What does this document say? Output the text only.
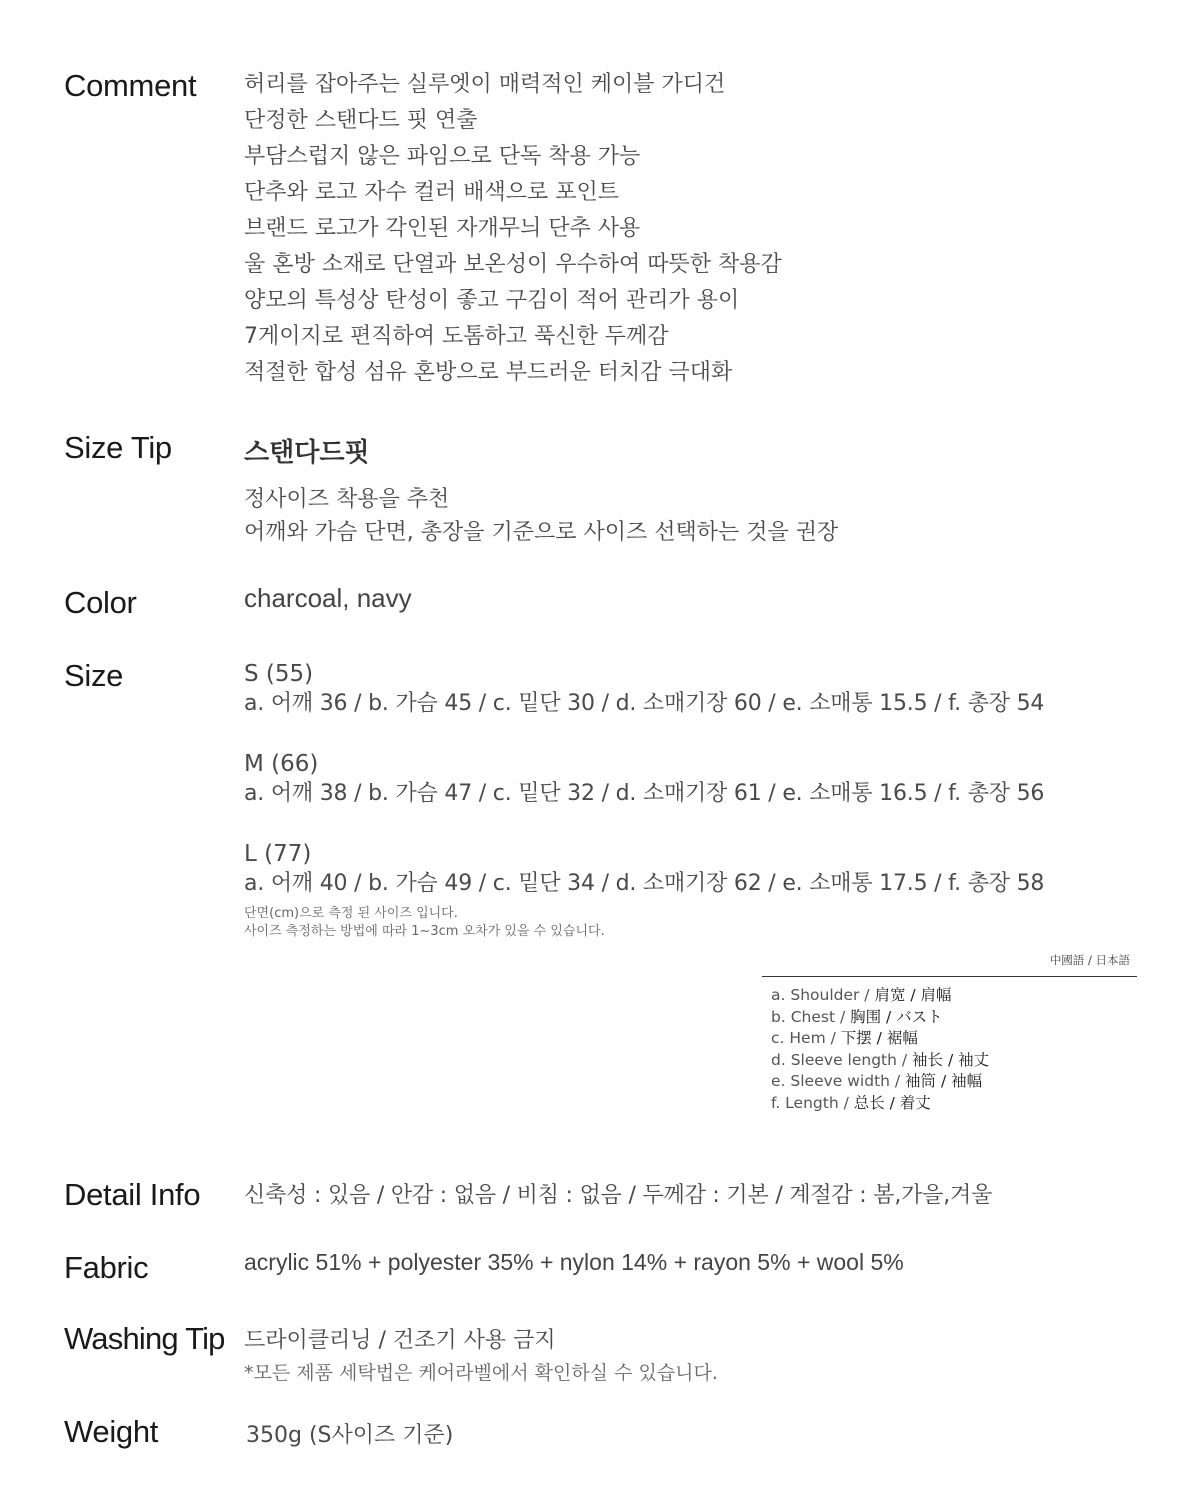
Comment 허리를 잡아주는 실루엣이 매력적인 케이블 가디건
단정한 스탠다드 핏 연출
부담스럽지 않은 파임으로 단독 착용 가능
단추와 로고 자수 컬러 배색으로 포인트
브랜드 로고가 각인된 자개무늬 단추 사용
울 혼방 소재로 단열과 보온성이 우수하여 따뜻한 착용감
양모의 특성상 탄성이 좋고 구김이 적어 관리가 용이
7게이지로 편직하여 도톰하고 푹신한 두께감
적절한 합성 섬유 혼방으로 부드러운 터치감 극대화
Size Tip	스탠다드핏
정사이즈 착용을 추천
어깨와 가슴 단면, 총장을 기준으로 사이즈 선택하는 것을 권장
Color	charcoal, navy
Size	S (55)
a. 어깨 36 / b. 가슴 45 / c. 밑단 30 / d. 소매기장 60 / e. 소매통 15.5 / f. 총장 54
M (66)
a. 어깨 38 / b. 가슴 47 / c. 밑단 32 / d. 소매기장 61 / e. 소매통 16.5 / f. 총장 56
L (77)
a. 어깨 40 / b. 가슴 49 / c. 밑단 34 / d. 소매기장 62 / e. 소매통 17.5 / f. 총장 58
단면(cm)으로 측정 된 사이즈 입니다.
사이즈 측정하는 방법에 따라 1~3cm 오차가 있을 수 있습니다.
中國語 / 日本語
a. Shoulder / 肩宽 / 肩幅
b. Chest / 胸围 / バスト
c. Hem / 下摆 / 裾幅
d. Sleeve length / 袖长 / 袖丈
e. Sleeve width / 袖筒 / 袖幅
f. Length / 总长 / 着丈
Detail Info 신축성 : 있음 / 안감 : 없음 / 비침 : 없음 / 두께감 : 기본 / 계절감 : 봄,가을,겨울
Fabric	acrylic 51% + polyester 35% + nylon 14% + rayon 5% + wool 5%
Washing Tip 드라이클리닝 / 건조기 사용 금지
*모든 제품 세탁법은 케어라벨에서 확인하실 수 있습니다.
Weight	350g (S사이즈 기준)
